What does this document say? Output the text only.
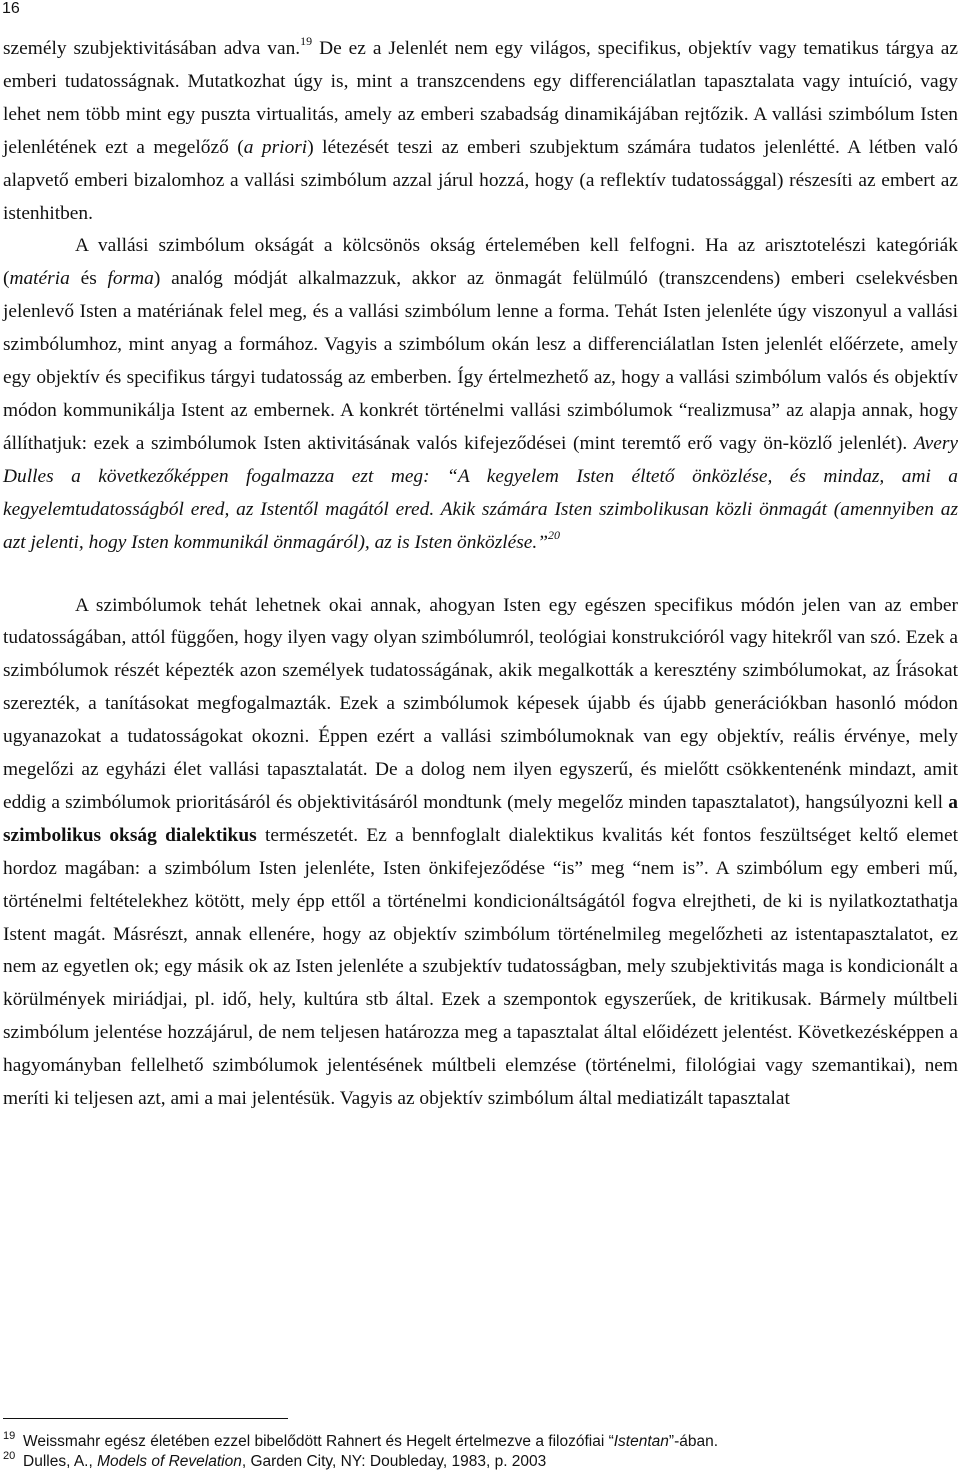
16

személy szubjektivitásában adva van.$^{19}$ De ez a Jelenlét nem egy világos, specifikus, objektív vagy tematikus tárgya az emberi tudatosságnak. Mutatkozhat úgy is, mint a transzcendens egy differenciálatlan tapasztalata vagy intuíció, vagy lehet nem több mint egy puszta virtualitás, amely az emberi szabadság dinamikájában rejtőzik. A vallási szimbólum Isten jelenlétének ezt a megelőző (a priori) létezését teszi az emberi szubjektum számára tudatos jelenlétté. A létben való alapvető emberi bizalomhoz a vallási szimbólum azzal járul hozzá, hogy (a reflektív tudatossággal) részesíti az embert az istenhitben.

A vallási szimbólum okságát a kölcsönös okság értelemében kell felfogni. Ha az arisztotelészi kategóriák (matéria és forma) analóg módját alkalmazzuk, akkor az önmagát felülmúló (transzcendens) emberi cselekvésben jelenlevő Isten a matériának felel meg, és a vallási szimbólum lenne a forma. Tehát Isten jelenléte úgy viszonyul a vallási szimbólumhoz, mint anyag a formához. Vagyis a szimbólum okán lesz a differenciálatlan Isten jelenlét előérzete, amely egy objektív és specifikus tárgyi tudatosság az emberben. Így értelmezhető az, hogy a vallási szimbólum valós és objektív módon kommunikálja Istent az embernek. A konkrét történelmi vallási szimbólumok “realizmusa” az alapja annak, hogy állíthatjuk: ezek a szimbólumok Isten aktivitásának valós kifejeződései (mint teremtő erő vagy ön-közlő jelenlét). Avery Dulles a következőképpen fogalmazza ezt meg: “A kegyelem Isten éltető önközlése, és mindaz, ami a kegyelemtudatosságból ered, az Istentől magától ered. Akik számára Isten szimbolikusan közli önmagát (amennyiben az azt jelenti, hogy Isten kommunikál önmagáról), az is Isten önközlése.”$^{20}$

A szimbólumok tehát lehetnek okai annak, ahogyan Isten egy egészen specifikus módón jelen van az ember tudatosságában, attól függően, hogy ilyen vagy olyan szimbólumról, teológiai konstrukcióról vagy hitekről van szó. Ezek a szimbólumok részét képezték azon személyek tudatosságának, akik megalkották a keresztény szimbólumokat, az Írásokat szerezték, a tanításokat megfogalmazták. Ezek a szimbólumok képesek újabb és újabb generációkban hasonló módon ugyanazokat a tudatosságokat okozni. Éppen ezért a vallási szimbólumoknak van egy objektív, reális érvénye, mely megelőzi az egyházi élet vallási tapasztalatát. De a dolog nem ilyen egyszerű, és mielőtt csökkentenénk mindazt, amit eddig a szimbólumok prioritásáról és objektivitásáról mondtunk (mely megelőz minden tapasztalatot), hangsúlyozni kell a szimbolikus okság dialektikus természetét. Ez a bennfoglalt dialektikus kvalitás két fontos feszültséget keltő elemet hordoz magában: a szimbólum Isten jelenléte, Isten önkifejeződése “is” meg “nem is”. A szimbólum egy emberi mű, történelmi feltételekhez kötött, mely épp ettől a történelmi kondicionáltságától fogva elrejtheti, de ki is nyilatkoztathatja Istent magát. Másrészt, annak ellenére, hogy az objektív szimbólum történelmileg megelőzheti az istentapasztalatot, ez nem az egyetlen ok; egy másik ok az Isten jelenléte a szubjektív tudatosságban, mely szubjektivitás maga is kondicionált a körülmények miriádjai, pl. idő, hely, kultúra stb által. Ezek a szempontok egyszerűek, de kritikusak. Bármely múltbeli szimbólum jelentése hozzájárul, de nem teljesen határozza meg a tapasztalat által előidézett jelentést. Következésképpen a hagyományban fellelhető szimbólumok jelentésének múltbeli elemzése (történelmi, filológiai vagy szemantikai), nem meríti ki teljesen azt, ami a mai jelentésük. Vagyis az objektív szimbólum által mediatizált tapasztalat

19 Weissmahr egész életében ezzel bibelődött Rahnert és Hegelt értelmezve a filozófiai “Istentan”-ában.
20 Dulles, A., Models of Revelation, Garden City, NY: Doubleday, 1983, p. 2003
